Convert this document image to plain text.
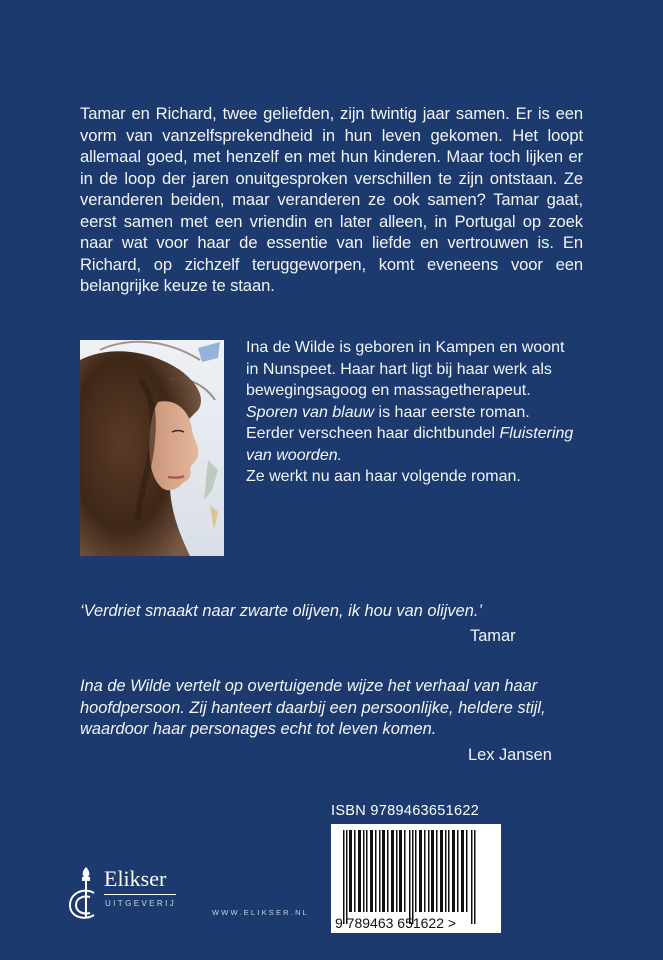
Tamar en Richard, twee geliefden, zijn twintig jaar samen. Er is een vorm van vanzelfsprekendheid in hun leven gekomen. Het loopt allemaal goed, met henzelf en met hun kinderen. Maar toch lijken er in de loop der jaren onuitgesproken verschillen te zijn ontstaan. Ze veranderen beiden, maar veranderen ze ook samen? Tamar gaat, eerst samen met een vriendin en later alleen, in Portugal op zoek naar wat voor haar de essentie van liefde en vertrouwen is. En Richard, op zichzelf teruggeworpen, komt eveneens voor een belangrijke keuze te staan.
Ina de Wilde is geboren in Kampen en woont
in Nunspeet. Haar hart ligt bij haar werk als
bewegingsagoog en massagetherapeut.
Sporen van blauw is haar eerste roman.
Eerder verscheen haar dichtbundel Fluistering
van woorden.
Ze werkt nu aan haar volgende roman.
‘Verdriet smaakt naar zwarte olijven, ik hou van olijven.’
Tamar
Ina de Wilde vertelt op overtuigende wijze het verhaal van haar
hoofdpersoon. Zij hanteert daarbij een persoonlijke, heldere stijl,
waardoor haar personages echt tot leven komen.
Lex Jansen
ISBN 9789463651622
9 789463 651622 >
Elikser
UITGEVERIJ
WWW.ELIKSER.NL
